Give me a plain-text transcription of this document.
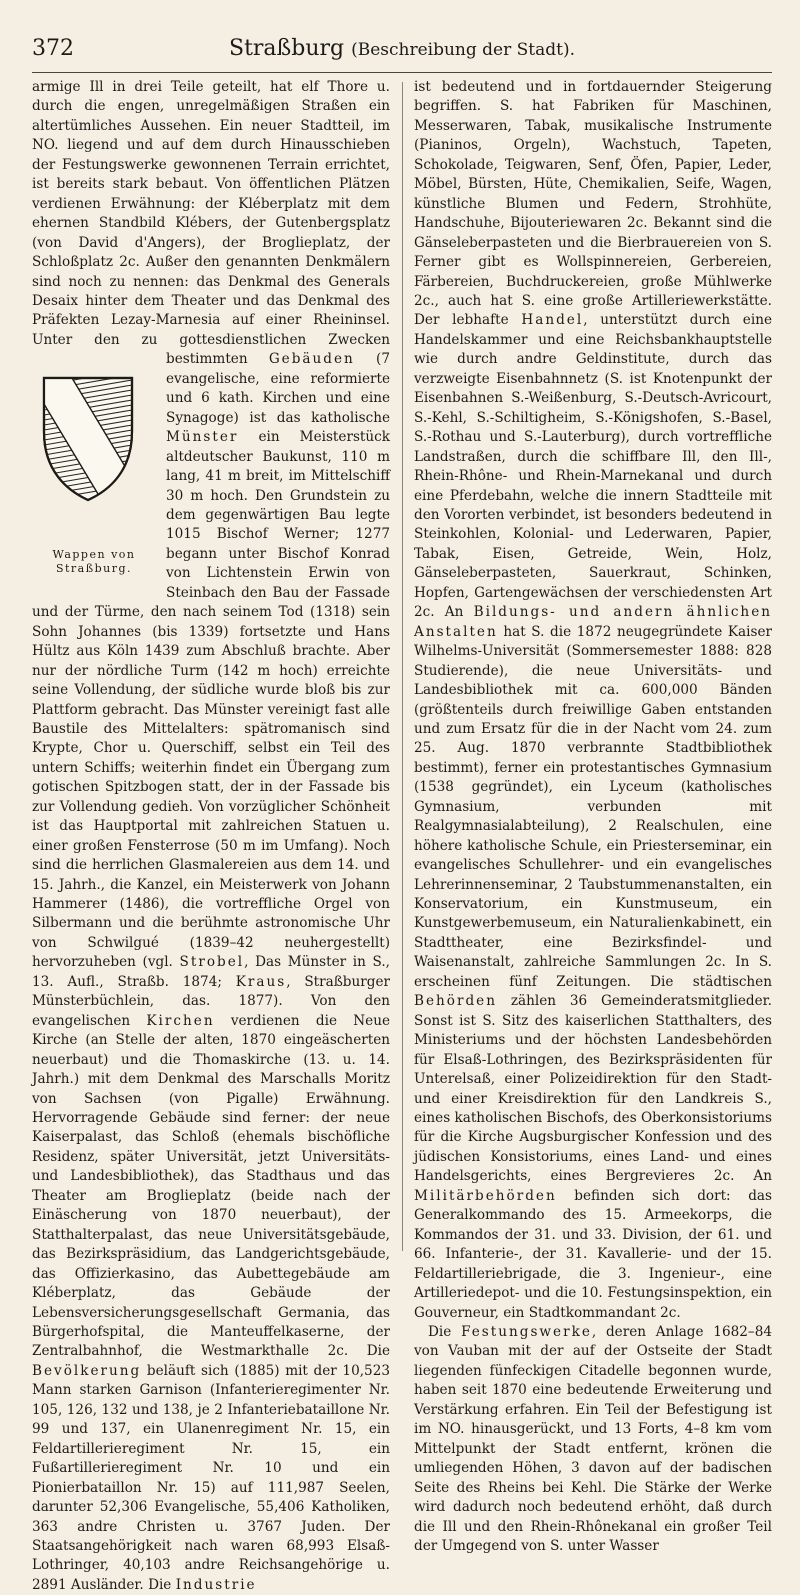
372	Straßburg (Beschreibung der Stadt).

armige Ill in drei Teile geteilt, hat elf Thore u. durch die engen, unregelmäßigen Straßen ein altertümliches Aussehen. Ein neuer Stadtteil, im NO. liegend und auf dem durch Hinausschieben der Festungswerke gewonnenen Terrain errichtet, ist bereits stark bebaut. Von öffentlichen Plätzen verdienen Erwähnung: der Kléberplatz mit dem ehernen Standbild Klébers, der Gutenbergsplatz (von David d'Angers), der Broglieplatz, der Schloßplatz 2c. Außer den genannten Denkmälern sind noch zu nennen: das Denkmal des Generals Desaix hinter dem Theater und das Denkmal des Präfekten Lezay-Marnesia auf einer Rheininsel. Unter den zu gottesdienstlichen Zwecken bestimmten
Wappen von Straßburg.
Gebäuden (7 evangelische, eine reformierte und 6 kath. Kirchen und eine Synagoge) ist das katholische Münster ein Meisterstück altdeutscher Baukunst, 110 m lang, 41 m breit, im Mittelschiff 30 m hoch. Den Grundstein zu dem gegenwärtigen Bau legte 1015 Bischof Werner; 1277 begann unter Bischof Konrad von Lichtenstein Erwin von Steinbach den Bau der Fassade und der Türme, den nach seinem Tod (1318) sein Sohn Johannes (bis 1339) fortsetzte und Hans Hültz aus Köln 1439 zum Abschluß brachte. Aber nur der nördliche Turm (142 m hoch) erreichte seine Vollendung, der südliche wurde bloß bis zur Plattform gebracht. Das Münster vereinigt fast alle Baustile des Mittelalters: spätromanisch sind Krypte, Chor u. Querschiff, selbst ein Teil des untern Schiffs; weiterhin findet ein Übergang zum gotischen Spitzbogen statt, der in der Fassade bis zur Vollendung gedieh. Von vorzüglicher Schönheit ist das Hauptportal mit zahlreichen Statuen u. einer großen Fensterrose (50 m im Umfang). Noch sind die herrlichen Glasmalereien aus dem 14. und 15. Jahrh., die Kanzel, ein Meisterwerk von Johann Hammerer (1486), die vortreffliche Orgel von Silbermann und die berühmte astronomische Uhr von Schwilgué (1839–42 neuhergestellt) hervorzuheben (vgl. Strobel, Das Münster in S., 13. Aufl., Straßb. 1874; Kraus, Straßburger Münsterbüchlein, das. 1877). Von den evangelischen Kirchen verdienen die Neue Kirche (an Stelle der alten, 1870 eingeäscherten neuerbaut) und die Thomaskirche (13. u. 14. Jahrh.) mit dem Denkmal des Marschalls Moritz von Sachsen (von Pigalle) Erwähnung. Hervorragende Gebäude sind ferner: der neue Kaiserpalast, das Schloß (ehemals bischöfliche Residenz, später Universität, jetzt Universitäts- und Landesbibliothek), das Stadthaus und das Theater am Broglieplatz (beide nach der Einäscherung von 1870 neuerbaut), der Statthalterpalast, das neue Universitätsgebäude, das Bezirkspräsidium, das Landgerichtsgebäude, das Offizierkasino, das Aubettegebäude am Kléberplatz, das Gebäude der Lebensversicherungsgesellschaft Germania, das Bürgerhofspital, die Manteuffelkaserne, der Zentralbahnhof, die Westmarkthalle 2c. Die Bevölkerung beläuft sich (1885) mit der 10,523 Mann starken Garnison (Infanterieregimenter Nr. 105, 126, 132 und 138, je 2 Infanteriebataillone Nr. 99 und 137, ein Ulanenregiment Nr. 15, ein Feldartillerieregiment Nr. 15, ein Fußartillerieregiment Nr. 10 und ein Pionierbataillon Nr. 15) auf 111,987 Seelen, darunter 52,306 Evangelische, 55,406 Katholiken, 363 andre Christen u. 3767 Juden. Der Staatsangehörigkeit nach waren 68,993 Elsaß-Lothringer, 40,103 andre Reichsangehörige u. 2891 Ausländer. Die Industrie

ist bedeutend und in fortdauernder Steigerung begriffen. S. hat Fabriken für Maschinen, Messerwaren, Tabak, musikalische Instrumente (Pianinos, Orgeln), Wachstuch, Tapeten, Schokolade, Teigwaren, Senf, Öfen, Papier, Leder, Möbel, Bürsten, Hüte, Chemikalien, Seife, Wagen, künstliche Blumen und Federn, Strohhüte, Handschuhe, Bijouteriewaren 2c. Bekannt sind die Gänseleberpasteten und die Bierbrauereien von S. Ferner gibt es Wollspinnereien, Gerbereien, Färbereien, Buchdruckereien, große Mühlwerke 2c., auch hat S. eine große Artilleriewerkstätte. Der lebhafte Handel, unterstützt durch eine Handelskammer und eine Reichsbankhauptstelle wie durch andre Geldinstitute, durch das verzweigte Eisenbahnnetz (S. ist Knotenpunkt der Eisenbahnen S.-Weißenburg, S.-Deutsch-Avricourt, S.-Kehl, S.-Schiltigheim, S.-Königshofen, S.-Basel, S.-Rothau und S.-Lauterburg), durch vortreffliche Landstraßen, durch die schiffbare Ill, den Ill-, Rhein-Rhône- und Rhein-Marnekanal und durch eine Pferdebahn, welche die innern Stadtteile mit den Vororten verbindet, ist besonders bedeutend in Steinkohlen, Kolonial- und Lederwaren, Papier, Tabak, Eisen, Getreide, Wein, Holz, Gänseleberpasteten, Sauerkraut, Schinken, Hopfen, Gartengewächsen der verschiedensten Art 2c. An Bildungs- und andern ähnlichen Anstalten hat S. die 1872 neugegründete Kaiser Wilhelms-Universität (Sommersemester 1888: 828 Studierende), die neue Universitäts- und Landesbibliothek mit ca. 600,000 Bänden (größtenteils durch freiwillige Gaben entstanden und zum Ersatz für die in der Nacht vom 24. zum 25. Aug. 1870 verbrannte Stadtbibliothek bestimmt), ferner ein protestantisches Gymnasium (1538 gegründet), ein Lyceum (katholisches Gymnasium, verbunden mit Realgymnasialabteilung), 2 Realschulen, eine höhere katholische Schule, ein Priesterseminar, ein evangelisches Schullehrer- und ein evangelisches Lehrerinnenseminar, 2 Taubstummenanstalten, ein Konservatorium, ein Kunstmuseum, ein Kunstgewerbemuseum, ein Naturalienkabinett, ein Stadttheater, eine Bezirksfindel- und Waisenanstalt, zahlreiche Sammlungen 2c. In S. erscheinen fünf Zeitungen. Die städtischen Behörden zählen 36 Gemeinderatsmitglieder. Sonst ist S. Sitz des kaiserlichen Statthalters, des Ministeriums und der höchsten Landesbehörden für Elsaß-Lothringen, des Bezirkspräsidenten für Unterelsaß, einer Polizeidirektion für den Stadt- und einer Kreisdirektion für den Landkreis S., eines katholischen Bischofs, des Oberkonsistoriums für die Kirche Augsburgischer Konfession und des jüdischen Konsistoriums, eines Land- und eines Handelsgerichts, eines Bergrevieres 2c. An Militärbehörden befinden sich dort: das Generalkommando des 15. Armeekorps, die Kommandos der 31. und 33. Division, der 61. und 66. Infanterie-, der 31. Kavallerie- und der 15. Feldartilleriebrigade, die 3. Ingenieur-, eine Artilleriedepot- und die 10. Festungsinspektion, ein Gouverneur, ein Stadtkommandant 2c.

Die Festungswerke, deren Anlage 1682–84 von Vauban mit der auf der Ostseite der Stadt liegenden fünfeckigen Citadelle begonnen wurde, haben seit 1870 eine bedeutende Erweiterung und Verstärkung erfahren. Ein Teil der Befestigung ist im NO. hinausgerückt, und 13 Forts, 4–8 km vom Mittelpunkt der Stadt entfernt, krönen die umliegenden Höhen, 3 davon auf der badischen Seite des Rheins bei Kehl. Die Stärke der Werke wird dadurch noch bedeutend erhöht, daß durch die Ill und den Rhein-Rhônekanal ein großer Teil der Umgegend von S. unter Wasser
